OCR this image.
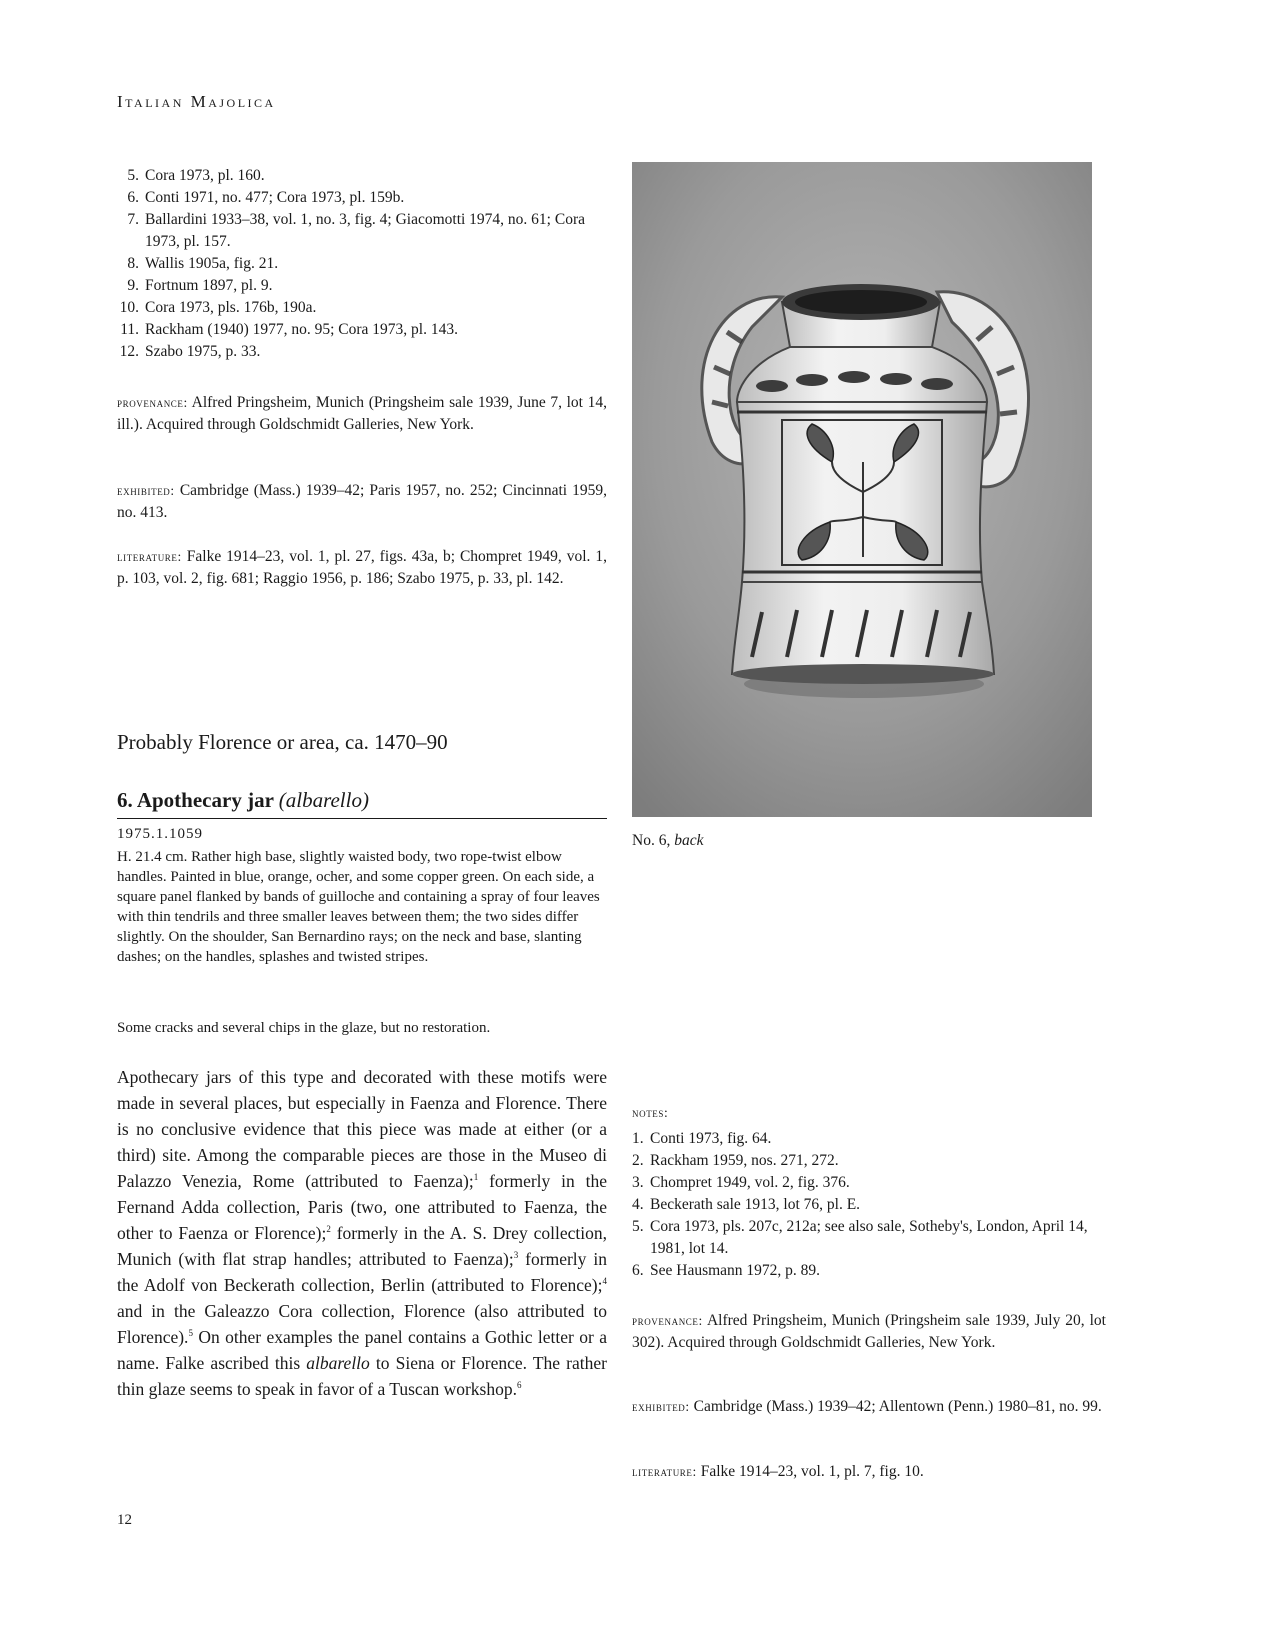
Italian Majolica
5. Cora 1973, pl. 160.
6. Conti 1971, no. 477; Cora 1973, pl. 159b.
7. Ballardini 1933–38, vol. 1, no. 3, fig. 4; Giacomotti 1974, no. 61; Cora 1973, pl. 157.
8. Wallis 1905a, fig. 21.
9. Fortnum 1897, pl. 9.
10. Cora 1973, pls. 176b, 190a.
11. Rackham (1940) 1977, no. 95; Cora 1973, pl. 143.
12. Szabo 1975, p. 33.
provenance: Alfred Pringsheim, Munich (Pringsheim sale 1939, June 7, lot 14, ill.). Acquired through Goldschmidt Galleries, New York.
exhibited: Cambridge (Mass.) 1939–42; Paris 1957, no. 252; Cincinnati 1959, no. 413.
literature: Falke 1914–23, vol. 1, pl. 27, figs. 43a, b; Chompret 1949, vol. 1, p. 103, vol. 2, fig. 681; Raggio 1956, p. 186; Szabo 1975, p. 33, pl. 142.
Probably Florence or area, ca. 1470–90
6. Apothecary jar (albarello)
1975.1.1059
H. 21.4 cm. Rather high base, slightly waisted body, two rope-twist elbow handles. Painted in blue, orange, ocher, and some copper green. On each side, a square panel flanked by bands of guilloche and containing a spray of four leaves with thin tendrils and three smaller leaves between them; the two sides differ slightly. On the shoulder, San Bernardino rays; on the neck and base, slanting dashes; on the handles, splashes and twisted stripes.
Some cracks and several chips in the glaze, but no restoration.
Apothecary jars of this type and decorated with these motifs were made in several places, but especially in Faenza and Florence. There is no conclusive evidence that this piece was made at either (or a third) site. Among the comparable pieces are those in the Museo di Palazzo Venezia, Rome (attributed to Faenza);$^1$ formerly in the Fernand Adda collection, Paris (two, one attributed to Faenza, the other to Faenza or Florence);$^2$ formerly in the A. S. Drey collection, Munich (with flat strap handles; attributed to Faenza);$^3$ formerly in the Adolf von Beckerath collection, Berlin (attributed to Florence);$^4$ and in the Galeazzo Cora collection, Florence (also attributed to Florence).$^5$ On other examples the panel contains a Gothic letter or a name. Falke ascribed this albarello to Siena or Florence. The rather thin glaze seems to speak in favor of a Tuscan workshop.$^6$
12
No. 6, back
notes:
1. Conti 1973, fig. 64.
2. Rackham 1959, nos. 271, 272.
3. Chompret 1949, vol. 2, fig. 376.
4. Beckerath sale 1913, lot 76, pl. E.
5. Cora 1973, pls. 207c, 212a; see also sale, Sotheby's, London, April 14, 1981, lot 14.
6. See Hausmann 1972, p. 89.
provenance: Alfred Pringsheim, Munich (Pringsheim sale 1939, July 20, lot 302). Acquired through Goldschmidt Galleries, New York.
exhibited: Cambridge (Mass.) 1939–42; Allentown (Penn.) 1980–81, no. 99.
literature: Falke 1914–23, vol. 1, pl. 7, fig. 10.
